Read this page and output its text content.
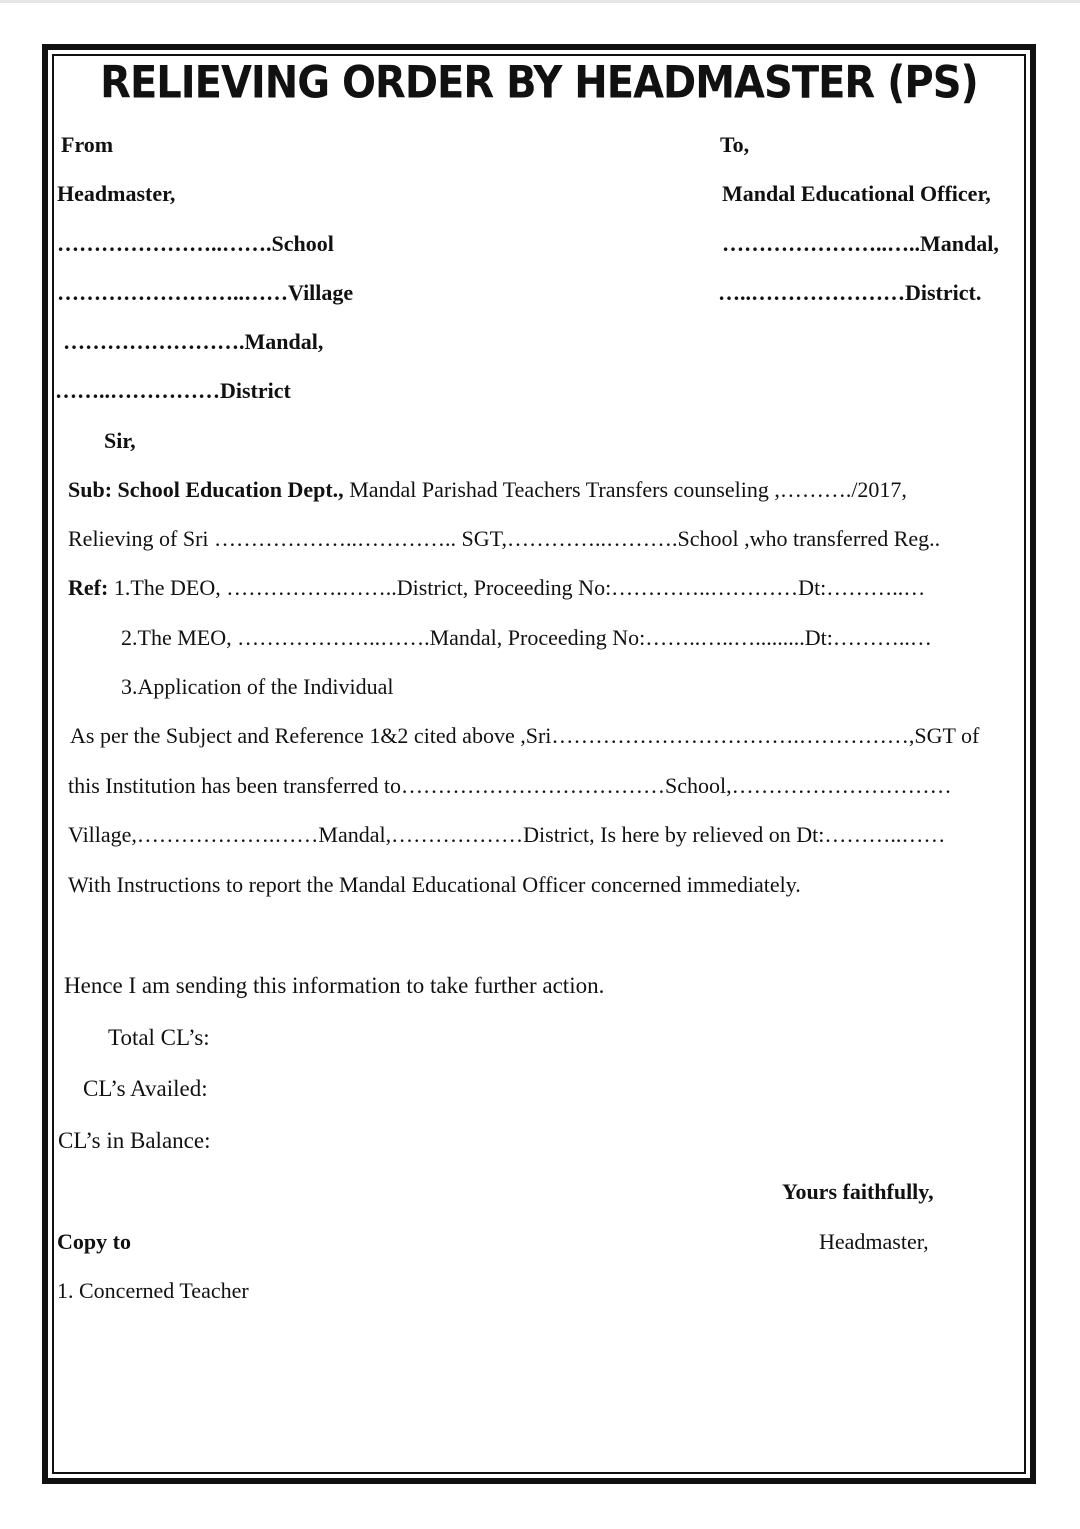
RELIEVING ORDER BY HEADMASTER (PS)
From
Headmaster,
…………………..…….School
……………………..……Village
…………………….Mandal,
……..……………District
To,
Mandal Educational Officer,
…………………..…..Mandal,
…..…………………District.
Sir,
Sub: School Education Dept., Mandal Parishad Teachers Transfers counseling ,………./2017,
Relieving of Sri ………………..………….. SGT,…………..……….School ,who transferred Reg..
Ref: 1.The DEO, …………….……..District, Proceeding No:…………..…………Dt:………..…
2.The MEO, ………………..…….Mandal, Proceeding No:……..…..….........Dt:………..…
3.Application of the Individual
As per the Subject and Reference 1&2 cited above ,Sri…………………………….……………,SGT of
this Institution has been transferred to………………………………School,…………………………
Village,……………….……Mandal,………………District, Is here by relieved on Dt:………..……
With Instructions to report the Mandal Educational Officer concerned immediately.
Hence I am sending this information to take further action.
Total CL’s:
CL’s Availed:
CL’s in Balance:
Yours faithfully,
Headmaster,
Copy to
1. Concerned Teacher
